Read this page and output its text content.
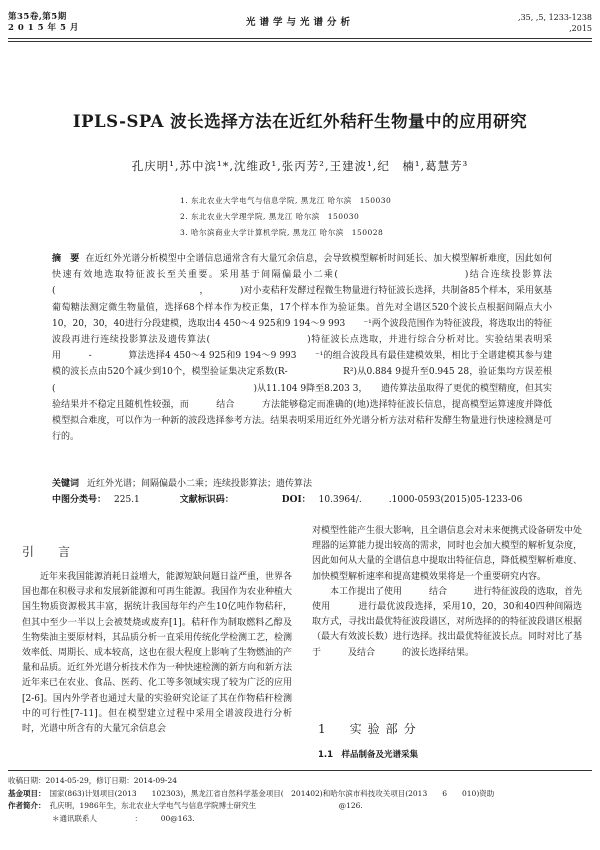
第35卷,第5期
2 0 1 5 年 5 月	光谱学与光谱分析	,35, ,5, 1233-1238
,2015
IPLS-SPA 波长选择方法在近红外秸秆生物量中的应用研究
孔庆明¹,苏中滨¹*,沈维政¹,张丙芳²,王建波¹,纪　楠¹,葛慧芳³
1. 东北农业大学电气与信息学院, 黑龙江 哈尔滨　150030
2. 东北农业大学理学院, 黑龙江 哈尔滨　150030
3. 哈尔滨商业大学计算机学院, 黑龙江 哈尔滨　150028
摘　要 在近红外光谱分析模型中全谱信息通常含有大量冗余信息，会导致模型解析时间延长、加大模型解析难度，因此如何快速有效地选取特征波长至关重要。采用基于间隔偏最小二乘(　　　　　　　　　　　　)结合连续投影算法(　　　　　　　　　　　　　　　　，　　　　)对小麦秸秆发酵过程微生物量进行特征波长选择，共制备85个样本，采用氨基葡萄糖法测定微生物量值，选择68个样本作为校正集，17个样本作为验证集。首先对全谱区520个波长点根据间隔点大小10，20，30，40进行分段建模，选取出4 450～4 925和9 194～9 993　　⁻¹两个波段范围作为特征波段，将选取出的特征波段再进行连续投影算法及遗传算法(　　　　　　　　　　)特征波长点选取，并进行综合分析对比。实验结果表明采用　　　-　　　　算法选择4 450～4 925和9 194～9 993　　⁻¹的组合波段具有最佳建模效果，相比于全谱建模其参与建模的波长点由520个减少到10个，模型验证集决定系数(R-　　　　　　R²)从0.884 9提升至0.945 28，验证集均方误差根(　　　　　　　　　　　　　　　　　　　　　　)从11.104 9降至8.203 3，　　遗传算法虽取得了更优的模型精度，但其实验结果并不稳定且随机性较强，而　　　结合　　　方法能够稳定而准确的(地)选择特征波长信息，提高模型运算速度并降低模型拟合难度，可以作为一种新的波段选择参考方法。结果表明采用近红外光谱分析方法对秸秆发酵生物量进行快速检测是可行的。
关键词 近红外光谱；间隔偏最小二乘；连续投影算法；遗传算法
中图分类号： 225.1	文献标识码：	DOI： 10.3964/.　　　.1000-0593(2015)05-1233-06
引　言

近年来我国能源消耗日益增大，能源短缺问题日益严重，世界各国也都在积极寻求和发展新能源和可再生能源。我国作为农业种植大国生物质资源极其丰富，据统计我国每年约产生10亿吨作物秸秆，但其中至少一半以上会被焚烧或废弃[1]。秸秆作为制取燃料乙醇及生物柴油主要原材料，其品质分析一直采用传统化学检测工艺，检测效率低、周期长、成本较高，这也在很大程度上影响了生物燃油的产量和品质。近红外光谱分析技术作为一种快速检测的新方向和新方法近年来已在农业、食品、医药、化工等多领域实现了较为广泛的应用[2-6]。国内外学者也通过大量的实验研究论证了其在作物秸秆检测中的可行性[7-11]。但在模型建立过程中采用全谱波段进行分析时，光谱中所含有的大量冗余信息会

对模型性能产生很大影响，且全谱信息会对未来便携式设备研发中处理器的运算能力提出较高的需求，同时也会加大模型的解析复杂度，因此如何从大量的全谱信息中提取出特征信息，降低模型解析难度、加快模型解析速率和提高建模效果将是一个重要研究内容。

本工作提出了使用　　　结合　　　进行特征波段的选取，首先使用　　　进行最优波段选择，采用10，20，30和40四种间隔选取方式，寻找出最优特征波段谱区，对所选择的的特征波段谱区根据　　（最大有效波长数）进行选择。找出最优特征波长点。同时对比了基于　　　及结合　　　的波长选择结果。

1　实验部分
1.1　样品制备及光谱采集
收稿日期：2014-05-29，修订日期：2014-09-24
基金项目： 国家(863)计划项目(2013　　102303)，黑龙江省自然科学基金项目(　201402)和哈尔滨市科技攻关项目(2013　　6　　010)资助
作者简介： 孔庆明，1986年生，东北农业大学电气与信息学院博士研究生　　　　　　　　　　　@126.
＊通讯联系人　　　　　：　　　00@163.
